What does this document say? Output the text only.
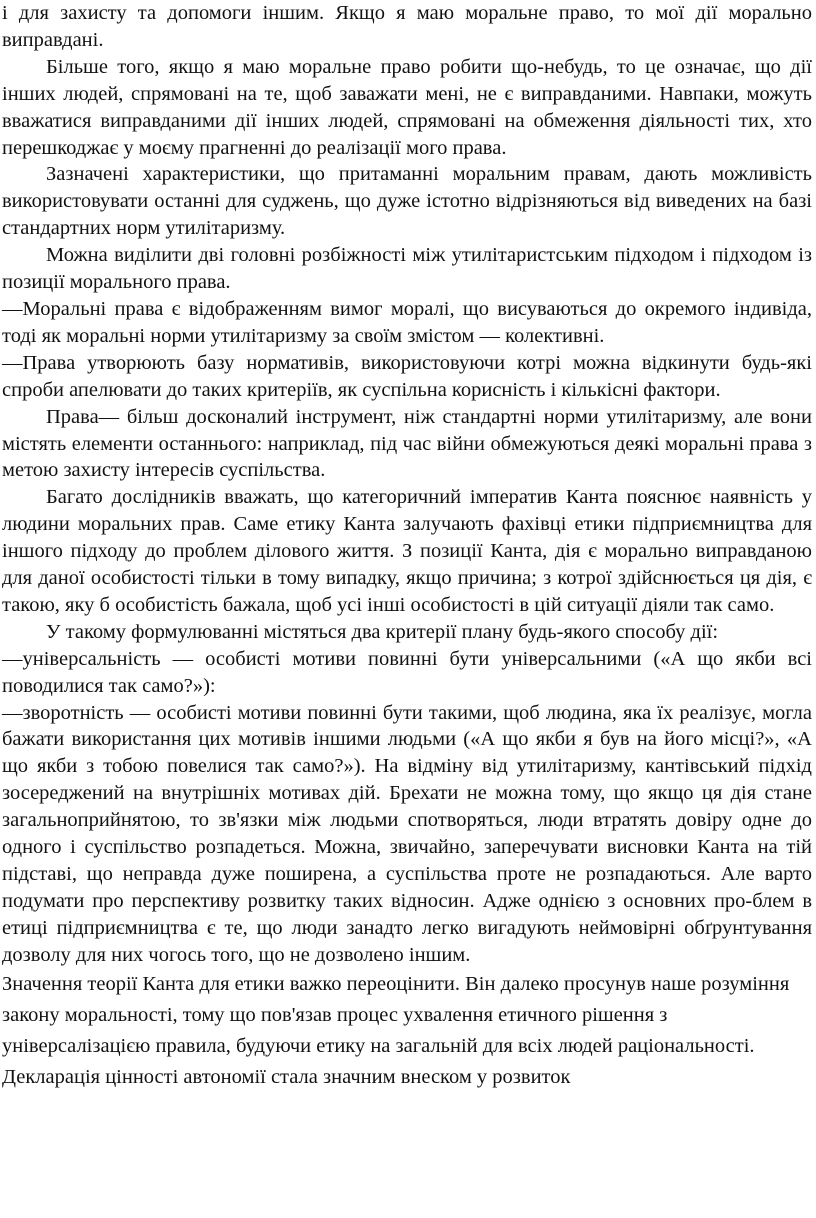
і для захисту та допомоги іншим. Якщо я маю моральне право, то мої дії морально виправдані.

Більше того, якщо я маю моральне право робити що-небудь, то це означає, що дії інших людей, спрямовані на те, щоб заважати мені, не є виправданими. Навпаки, можуть вважатися виправданими дії інших людей, спрямовані на обмеження діяльності тих, хто перешкоджає у моєму прагненні до реалізації мого права.

Зазначені характеристики, що притаманні моральним правам, дають можливість використовувати останні для суджень, що дуже істотно відрізняються від виведених на базі стандартних норм утилітаризму.

Можна виділити дві головні розбіжності між утилітаристським підходом і підходом із позиції морального права.

—Моральні права є відображенням вимог моралі, що висуваються до окремого індивіда, тоді як моральні норми утилітаризму за своїм змістом — колективні.

—Права утворюють базу нормативів, використовуючи котрі можна відкинути будь-які спроби апелювати до таких критеріїв, як суспільна корисність і кількісні фактори.

Права— більш досконалий інструмент, ніж стандартні норми утилітаризму, але вони містять елементи останнього: наприклад, під час війни обмежуються деякі моральні права з метою захисту інтересів суспільства.

Багато дослідників вважать, що категоричний імператив Канта пояснює наявність у людини моральних прав. Саме етику Канта залучають фахівці етики підприємництва для іншого підходу до проблем ділового життя. З позиції Канта, дія є морально виправданою для даної особистості тільки в тому випадку, якщо причина; з котрої здійснюється ця дія, є такою, яку б особистість бажала, щоб усі інші особистості в цій ситуації діяли так само.

У такому формулюванні містяться два критерії плану будь-якого способу дії:

—універсальність — особисті мотиви повинні бути універсальними («А що якби всі поводилися так само?»):

—зворотність — особисті мотиви повинні бути такими, щоб людина, яка їх реалізує, могла бажати використання цих мотивів іншими людьми («А що якби я був на його місці?», «А що якби з тобою повелися так само?»). На відміну від утилітаризму, кантівський підхід зосереджений на внутрішніх мотивах дій. Брехати не можна тому, що якщо ця дія стане загальноприйнятою, то зв'язки між людьми спотворяться, люди втратять довіру одне до одного і суспільство розпадеться. Можна, звичайно, заперечувати висновки Канта на тій підставі, що неправда дуже поширена, а суспільства проте не розпадаються. Але варто подумати про перспективу розвитку таких відносин. Адже однією з основних про-блем в етиці підприємництва є те, що люди занадто легко вигадують неймовірні обґрунтування дозволу для них чогось того, що не дозволено іншим.

Значення теорії Канта для етики важко переоцінити. Він далеко просунув наше розуміння закону моральності, тому що пов'язав процес ухвалення етичного рішення з універсалізацією правила, будуючи етику на загальній для всіх людей раціональності. Декларація цінності автономії стала значним внеском у розвиток
